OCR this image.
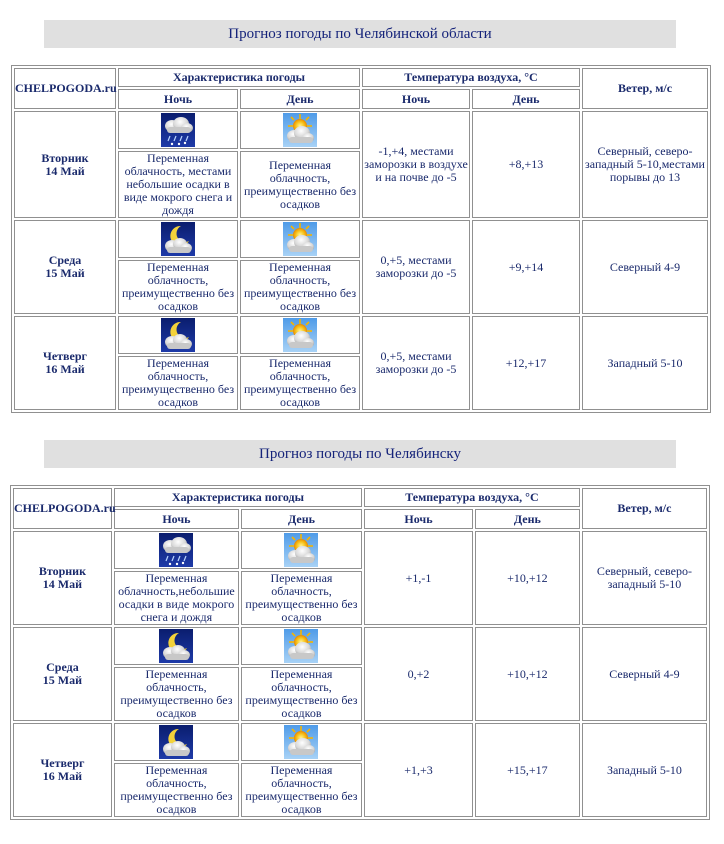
Прогноз погоды по Челябинской области
CHELPOGODA.ru	Характеристика погоды		Температура воздуха, °С		Ветер, м/с
	Ночь	День	Ночь	День	
Вторник
14 Май			-1,+4, местами заморозки в воздухе и на почве до -5	+8,+13	Северный, северо-западный 5-10,местами порывы до 13
	Переменная облачность, местами небольшие осадки в виде мокрого снега и дождя	Переменная облачность, преимущественно без осадков			
Среда
15 Май			0,+5, местами заморозки до -5	+9,+14	Северный 4-9
	Переменная облачность, преимущественно без осадков	Переменная облачность, преимущественно без осадков			
Четверг
16 Май			0,+5, местами заморозки до -5	+12,+17	Западный 5-10
	Переменная облачность, преимущественно без осадков	Переменная облачность, преимущественно без осадков			
Прогноз погоды по Челябинску
CHELPOGODA.ru	Характеристика погоды		Температура воздуха, °С		Ветер, м/с
	Ночь	День	Ночь	День	
Вторник
14 Май			+1,-1	+10,+12	Северный, северо-западный 5-10
	Переменная облачность,небольшие осадки в виде мокрого снега и дождя	Переменная облачность, преимущественно без осадков			
Среда
15 Май			0,+2	+10,+12	Северный 4-9
	Переменная облачность, преимущественно без осадков	Переменная облачность, преимущественно без осадков			
Четверг
16 Май			+1,+3	+15,+17	Западный 5-10
	Переменная облачность, преимущественно без осадков	Переменная облачность, преимущественно без осадков			
